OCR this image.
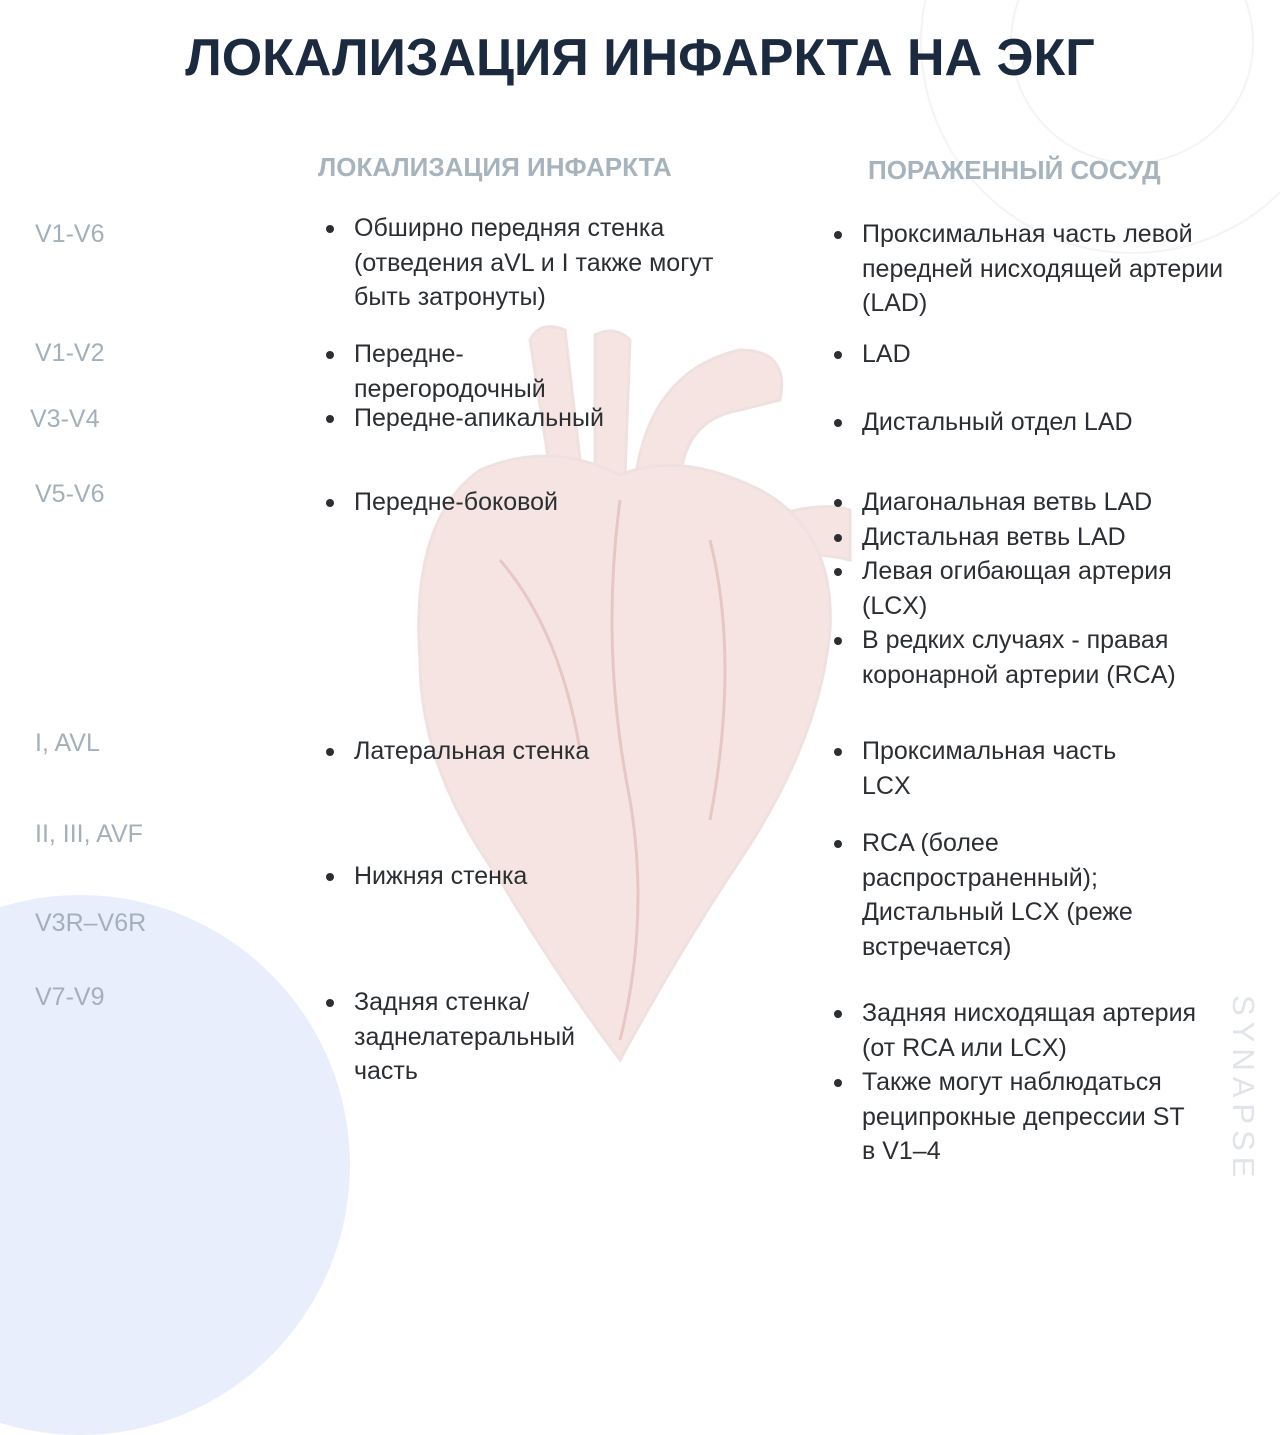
ЛОКАЛИЗАЦИЯ ИНФАРКТА НА ЭКГ
ЛОКАЛИЗАЦИЯ ИНФАРКТА	ПОРАЖЕННЫЙ СОСУД
V1-V6
V1-V2
V3-V4
V5-V6
I, AVL
II, III, AVF
V3R–V6R
V7-V9
Обширно передняя стенка (отведения aVL и I также могут быть затронуты)
Передне-перегородочный
Передне-апикальный
Передне-боковой
Латеральная стенка
Нижняя стенка
Задняя стенка/ заднелатеральный часть
Проксимальная часть левой передней нисходящей артерии (LAD)
LAD
Дистальный отдел LAD
Диагональная ветвь LAD
Дистальная ветвь LAD
Левая огибающая артерия (LCX)
В редких случаях - правая коронарной артерии (RCA)
Проксимальная часть LCX
RCA (более распространенный); Дистальный LCX (реже встречается)
Задняя нисходящая артерия (от RCA или LCX)
Также могут наблюдаться реципрокные депрессии ST в V1–4	SYNAPSE
